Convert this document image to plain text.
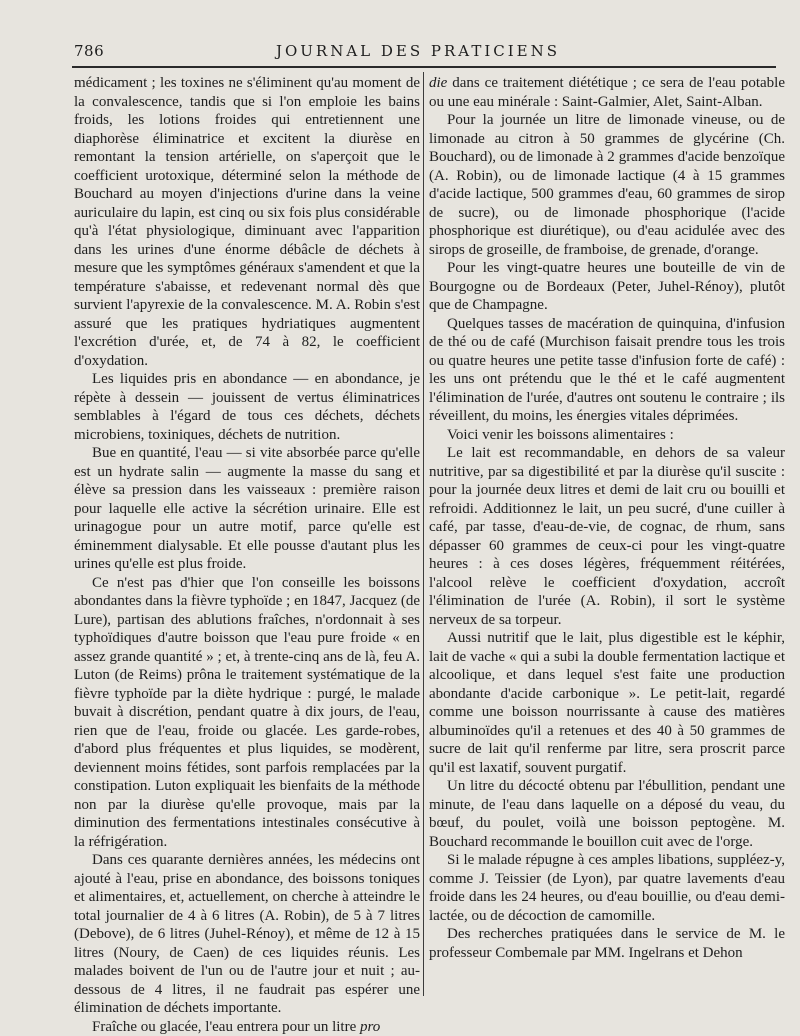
786	JOURNAL DES PRATICIENS

médicament ; les toxines ne s'éliminent qu'au moment de la convalescence, tandis que si l'on emploie les bains froids, les lotions froides qui entretiennent une diaphorèse éliminatrice et excitent la diurèse en remontant la tension artérielle, on s'aperçoit que le coefficient urotoxique, déterminé selon la méthode de Bouchard au moyen d'injections d'urine dans la veine auriculaire du lapin, est cinq ou six fois plus considérable qu'à l'état physiologique, diminuant avec l'apparition dans les urines d'une énorme débâcle de déchets à mesure que les symptômes généraux s'amendent et que la température s'abaisse, et redevenant normal dès que survient l'apyrexie de la convalescence. M. A. Robin s'est assuré que les pratiques hydriatiques augmentent l'excrétion d'urée, et, de 74 à 82, le coefficient d'oxydation.

Les liquides pris en abondance — en abondance, je répète à dessein — jouissent de vertus éliminatrices semblables à l'égard de tous ces déchets, déchets microbiens, toxiniques, déchets de nutrition.

Bue en quantité, l'eau — si vite absorbée parce qu'elle est un hydrate salin — augmente la masse du sang et élève sa pression dans les vaisseaux : première raison pour laquelle elle active la sécrétion urinaire. Elle est urinagogue pour un autre motif, parce qu'elle est éminemment dialysable. Et elle pousse d'autant plus les urines qu'elle est plus froide.

Ce n'est pas d'hier que l'on conseille les boissons abondantes dans la fièvre typhoïde ; en 1847, Jacquez (de Lure), partisan des ablutions fraîches, n'ordonnait à ses typhoïdiques d'autre boisson que l'eau pure froide « en assez grande quantité » ; et, à trente-cinq ans de là, feu A. Luton (de Reims) prôna le traitement systématique de la fièvre typhoïde par la diète hydrique : purgé, le malade buvait à discrétion, pendant quatre à dix jours, de l'eau, rien que de l'eau, froide ou glacée. Les garde-robes, d'abord plus fréquentes et plus liquides, se modèrent, deviennent moins fétides, sont parfois remplacées par la constipation. Luton expliquait les bienfaits de la méthode non par la diurèse qu'elle provoque, mais par la diminution des fermentations intestinales consécutive à la réfrigération.

Dans ces quarante dernières années, les médecins ont ajouté à l'eau, prise en abondance, des boissons toniques et alimentaires, et, actuellement, on cherche à atteindre le total journalier de 4 à 6 litres (A. Robin), de 5 à 7 litres (Debove), de 6 litres (Juhel-Rénoy), et même de 12 à 15 litres (Noury, de Caen) de ces liquides réunis. Les malades boivent de l'un ou de l'autre jour et nuit ; au-dessous de 4 litres, il ne faudrait pas espérer une élimination de déchets importante.

Fraîche ou glacée, l'eau entrera pour un litre pro

die dans ce traitement diététique ; ce sera de l'eau potable ou une eau minérale : Saint-Galmier, Alet, Saint-Alban.

Pour la journée un litre de limonade vineuse, ou de limonade au citron à 50 grammes de glycérine (Ch. Bouchard), ou de limonade à 2 grammes d'acide benzoïque (A. Robin), ou de limonade lactique (4 à 15 grammes d'acide lactique, 500 grammes d'eau, 60 grammes de sirop de sucre), ou de limonade phosphorique (l'acide phosphorique est diurétique), ou d'eau acidulée avec des sirops de groseille, de framboise, de grenade, d'orange.

Pour les vingt-quatre heures une bouteille de vin de Bourgogne ou de Bordeaux (Peter, Juhel-Rénoy), plutôt que de Champagne.

Quelques tasses de macération de quinquina, d'infusion de thé ou de café (Murchison faisait prendre tous les trois ou quatre heures une petite tasse d'infusion forte de café) : les uns ont prétendu que le thé et le café augmentent l'élimination de l'urée, d'autres ont soutenu le contraire ; ils réveillent, du moins, les énergies vitales déprimées.

Voici venir les boissons alimentaires :

Le lait est recommandable, en dehors de sa valeur nutritive, par sa digestibilité et par la diurèse qu'il suscite : pour la journée deux litres et demi de lait cru ou bouilli et refroidi. Additionnez le lait, un peu sucré, d'une cuiller à café, par tasse, d'eau-de-vie, de cognac, de rhum, sans dépasser 60 grammes de ceux-ci pour les vingt-quatre heures : à ces doses légères, fréquemment réitérées, l'alcool relève le coefficient d'oxydation, accroît l'élimination de l'urée (A. Robin), il sort le système nerveux de sa torpeur.

Aussi nutritif que le lait, plus digestible est le képhir, lait de vache « qui a subi la double fermentation lactique et alcoolique, et dans lequel s'est faite une production abondante d'acide carbonique ». Le petit-lait, regardé comme une boisson nourrissante à cause des matières albuminoïdes qu'il a retenues et des 40 à 50 grammes de sucre de lait qu'il renferme par litre, sera proscrit parce qu'il est laxatif, souvent purgatif.

Un litre du décocté obtenu par l'ébullition, pendant une minute, de l'eau dans laquelle on a déposé du veau, du bœuf, du poulet, voilà une boisson peptogène. M. Bouchard recommande le bouillon cuit avec de l'orge.

Si le malade répugne à ces amples libations, suppléez-y, comme J. Teissier (de Lyon), par quatre lavements d'eau froide dans les 24 heures, ou d'eau bouillie, ou d'eau demi-lactée, ou de décoction de camomille.

Des recherches pratiquées dans le service de M. le professeur Combemale par MM. Ingelrans et Dehon
